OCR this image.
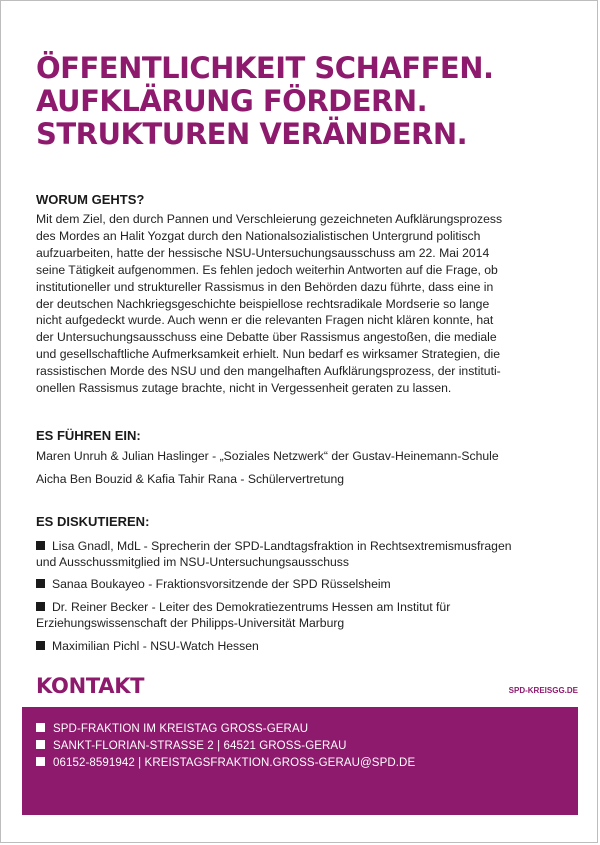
ÖFFENTLICHKEIT SCHAFFEN.
AUFKLÄRUNG FÖRDERN.
STRUKTUREN VERÄNDERN.
WORUM GEHTS?
Mit dem Ziel, den durch Pannen und Verschleierung gezeichneten Aufklärungsprozess
des Mordes an Halit Yozgat durch den Nationalsozialistischen Untergrund politisch
aufzuarbeiten, hatte der hessische NSU-Untersuchungsausschuss am 22. Mai 2014
seine Tätigkeit aufgenommen. Es fehlen jedoch weiterhin Antworten auf die Frage, ob
institutioneller und struktureller Rassismus in den Behörden dazu führte, dass eine in
der deutschen Nachkriegsgeschichte beispiellose rechtsradikale Mordserie so lange
nicht aufgedeckt wurde. Auch wenn er die relevanten Fragen nicht klären konnte, hat
der Untersuchungsausschuss eine Debatte über Rassismus angestoßen, die mediale
und gesellschaftliche Aufmerksamkeit erhielt. Nun bedarf es wirksamer Strategien, die
rassistischen Morde des NSU und den mangelhaften Aufklärungsprozess, der instituti-
onellen Rassismus zutage brachte, nicht in Vergessenheit geraten zu lassen.
ES FÜHREN EIN:
Maren Unruh & Julian Haslinger - „Soziales Netzwerk“ der Gustav-Heinemann-Schule
Aicha Ben Bouzid & Kafia Tahir Rana - Schülervertretung
ES DISKUTIEREN:
Lisa Gnadl, MdL - Sprecherin der SPD-Landtagsfraktion in Rechtsextremismusfragen
und Ausschussmitglied im NSU-Untersuchungsausschuss
Sanaa Boukayeo - Fraktionsvorsitzende der SPD Rüsselsheim
Dr. Reiner Becker - Leiter des Demokratiezentrums Hessen am Institut für
Erziehungswissenschaft der Philipps-Universität Marburg
Maximilian Pichl - NSU-Watch Hessen
KONTAKT	SPD-KREISGG.DE
SPD-FRAKTION IM KREISTAG GROSS-GERAU
SANKT-FLORIAN-STRASSE 2 | 64521 GROSS-GERAU
06152-8591942 | KREISTAGSFRAKTION.GROSS-GERAU@SPD.DE
